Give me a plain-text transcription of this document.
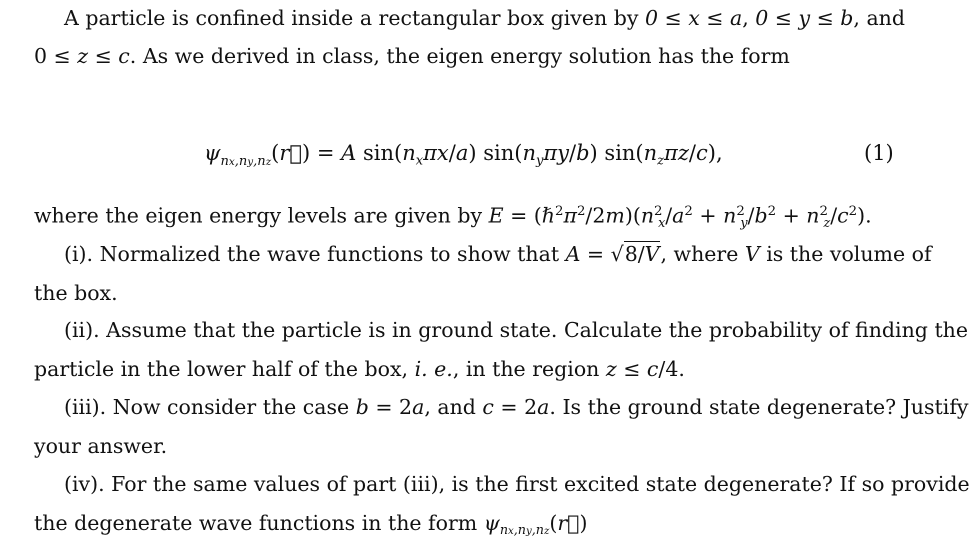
A particle is confined inside a rectangular box given by 0 ≤ x ≤ a, 0 ≤ y ≤ b, and
0 ≤ z ≤ c. As we derived in class, the eigen energy solution has the form
$\psi_{nx,ny,nz}(r⃗) = A$ $\sin(n_x\pi x/a)$ $\sin(n_y\pi y/b)$ $\sin(n_z\pi z/c)$,	(1)
where the eigen energy levels are given by $E = (\hbar^2\pi^2/2m)(n^2_x/a^2 + n^2_y/b^2 + n^2_z/c^2)$.
(i). Normalized the wave functions to show that A = √8/V, where V is the volume of
the box.
(ii). Assume that the particle is in ground state. Calculate the probability of finding the
particle in the lower half of the box, i. e., in the region z ≤ c/4.
(iii). Now consider the case b = 2a, and c = 2a. Is the ground state degenerate? Justify
your answer.
(iv). For the same values of part (iii), is the first excited state degenerate? If so provide
the degenerate wave functions in the form $\psi_{nx,ny,nz}(r⃗)$
